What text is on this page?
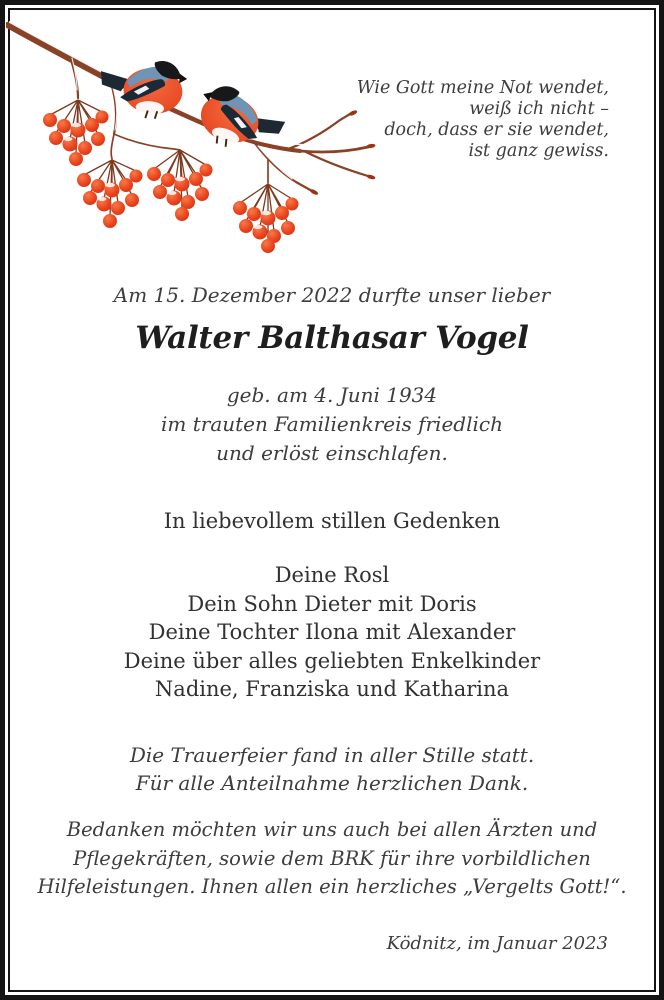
Wie Gott meine Not wendet,
weiß ich nicht –
doch, dass er sie wendet,
ist ganz gewiss.
Am 15. Dezember 2022 durfte unser lieber
Walter Balthasar Vogel
geb. am 4. Juni 1934
im trauten Familienkreis friedlich
und erlöst einschlafen.
In liebevollem stillen Gedenken
Deine Rosl
Dein Sohn Dieter mit Doris
Deine Tochter Ilona mit Alexander
Deine über alles geliebten Enkelkinder
Nadine, Franziska und Katharina
Die Trauerfeier fand in aller Stille statt.
Für alle Anteilnahme herzlichen Dank.
Bedanken möchten wir uns auch bei allen Ärzten und
Pflegekräften, sowie dem BRK für ihre vorbildlichen
Hilfeleistungen. Ihnen allen ein herzliches „Vergelts Gott!“.
Ködnitz, im Januar 2023
